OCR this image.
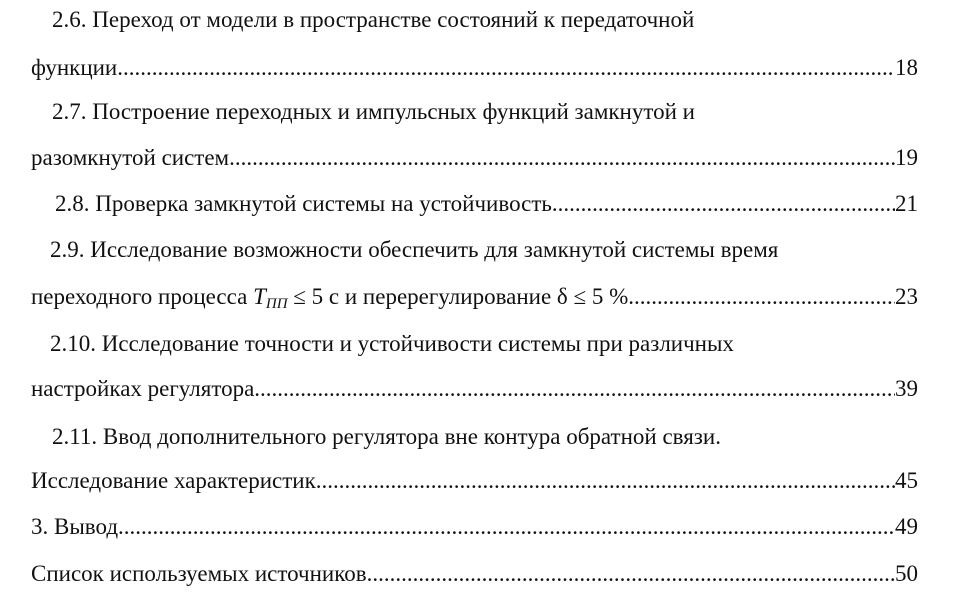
2.6. Переход от модели в пространстве состояний к передаточной
функции .....	18
2.7. Построение переходных и импульсных функций замкнутой и
разомкнутой систем .....	19
2.8. Проверка замкнутой системы на устойчивость .....	21
2.9. Исследование возможности обеспечить для замкнутой системы время
переходного процесса $T_{ПП} \le 5$ с и перерегулирование δ ≤ 5 % .....	23
2.10. Исследование точности и устойчивости системы при различных
настройках регулятора .....	39
2.11. Ввод дополнительного регулятора вне контура обратной связи.
Исследование характеристик .....	45
3. Вывод .....	49
Список используемых источников .....	50
